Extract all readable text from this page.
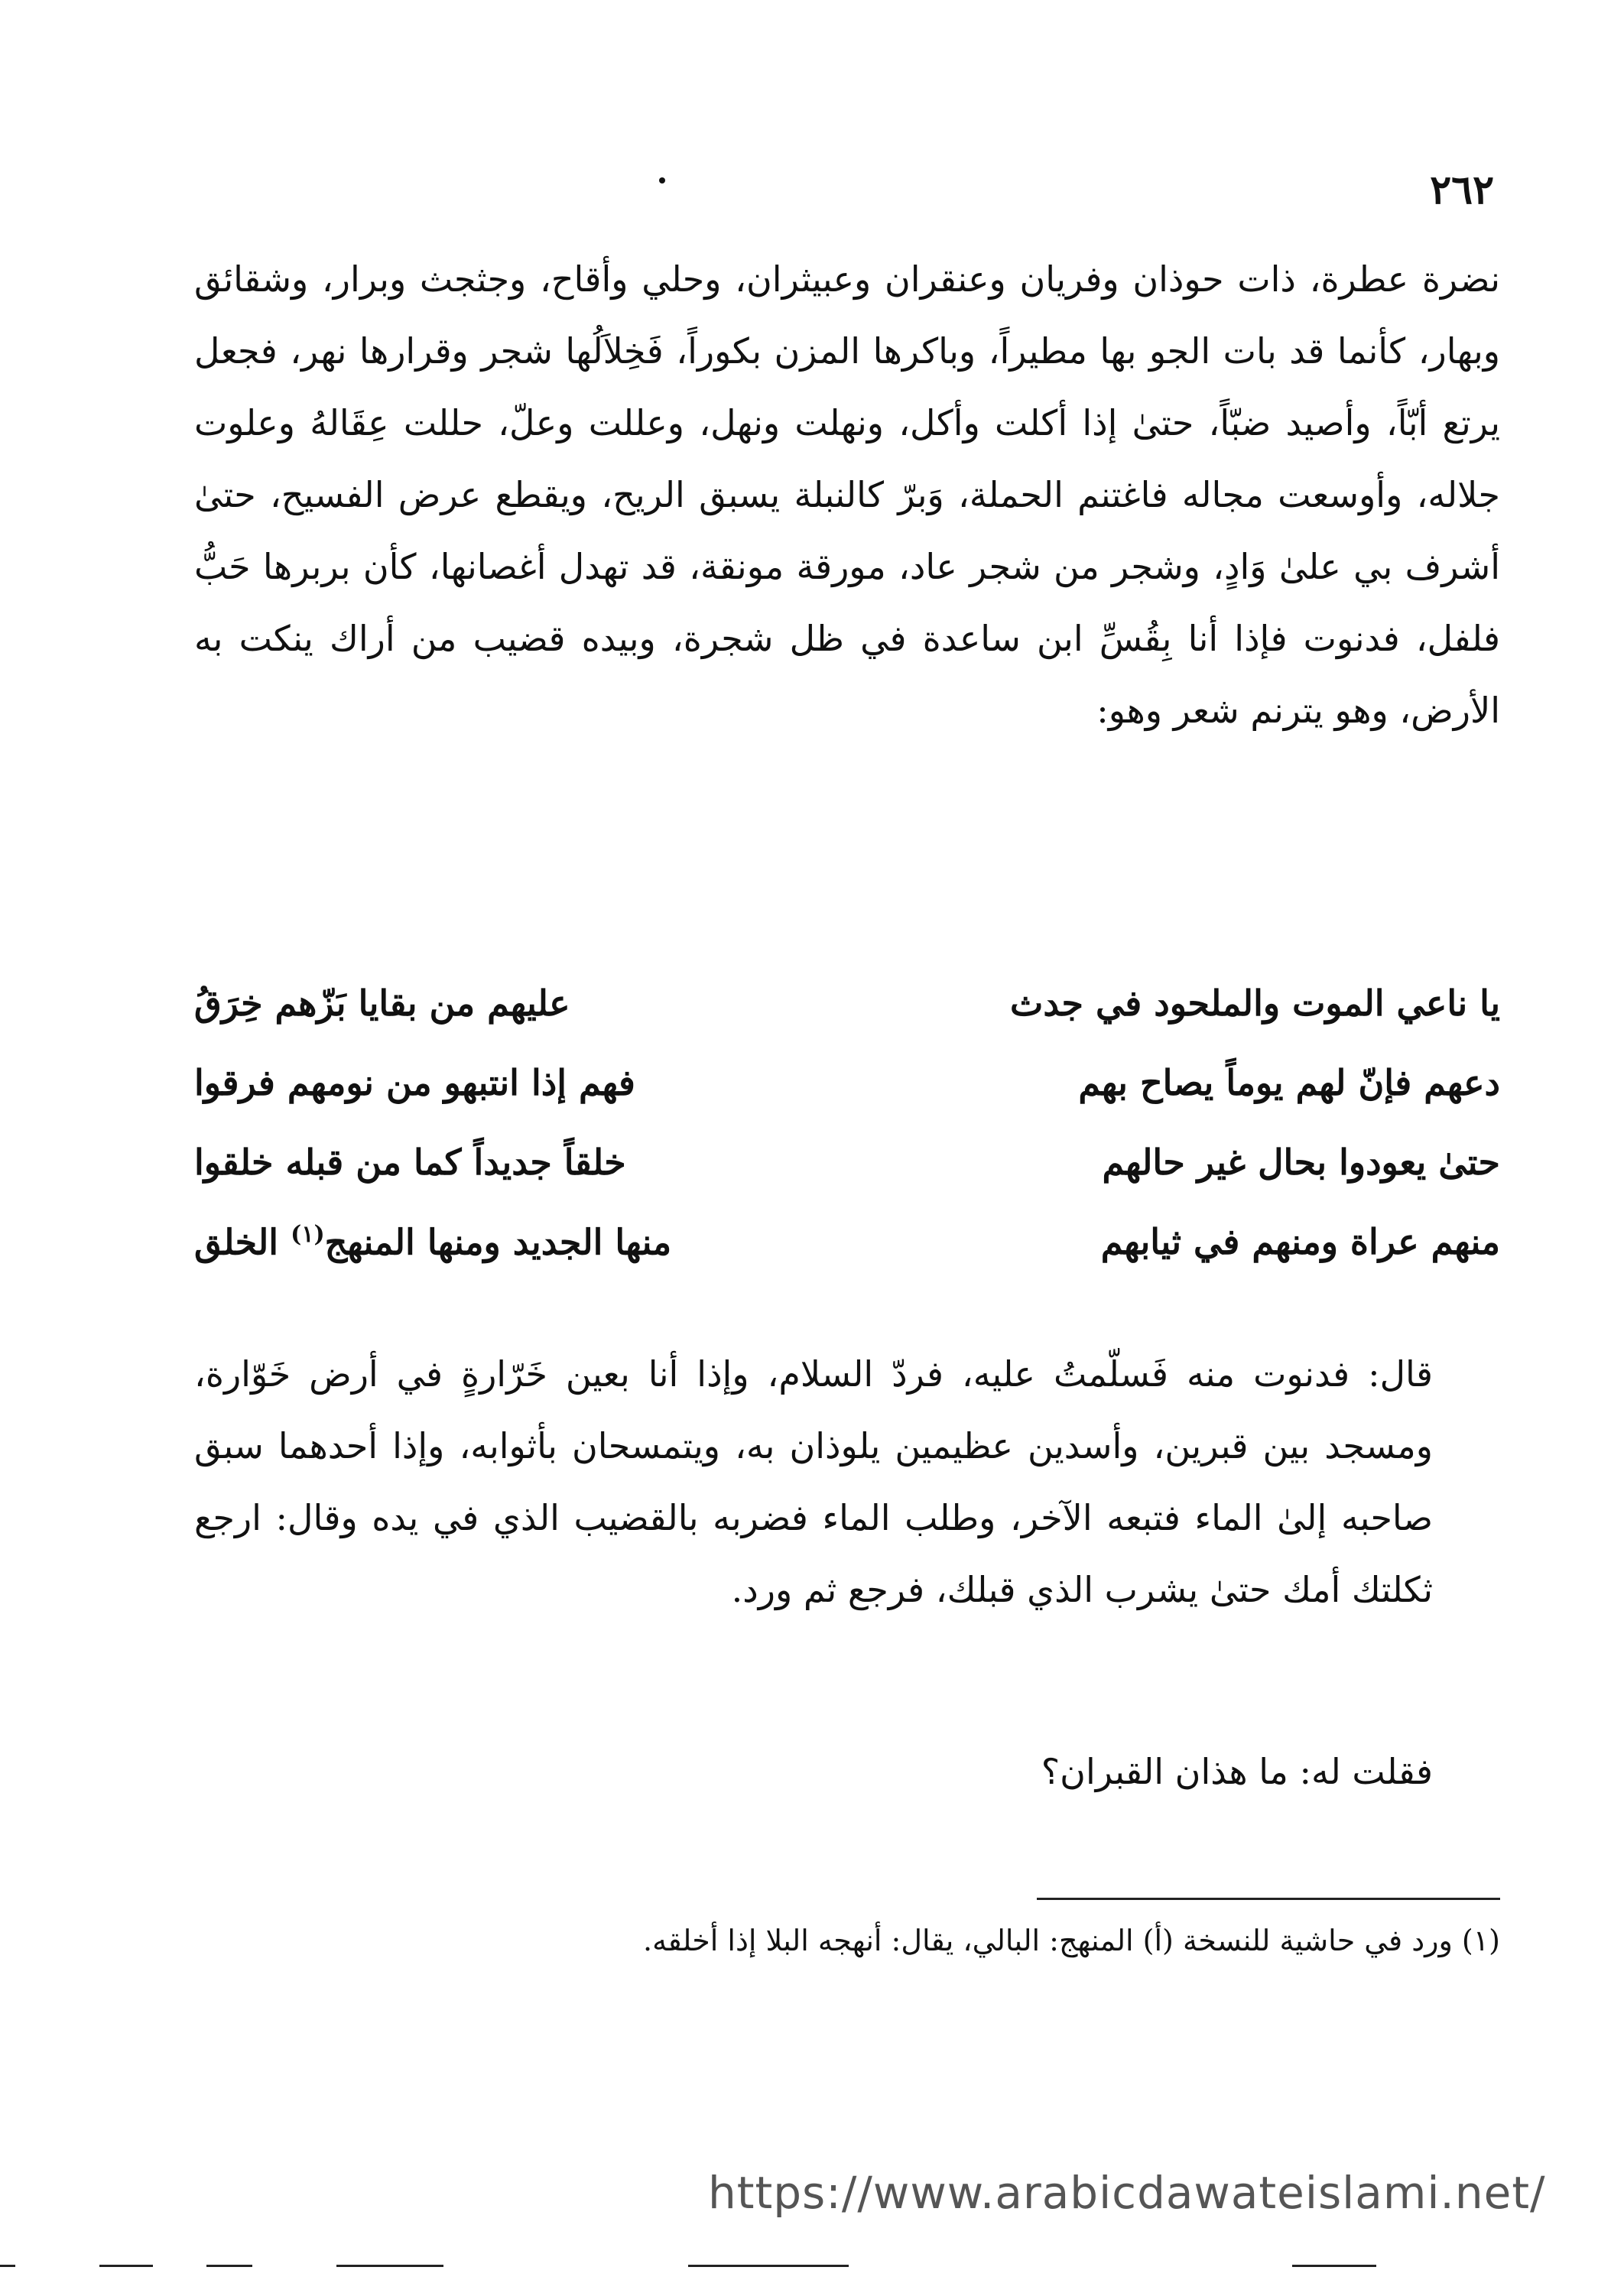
٢٦٢

نضرة عطرة، ذات حوذان وفريان وعنقران وعبيثران، وحلي وأقاح، وجثجث وبرار، وشقائق وبهار، كأنما قد بات الجو بها مطيراً، وباكرها المزن بكوراً، فَخِلاَلُها شجر وقرارها نهر، فجعل يرتع أبّاً، وأصيد ضبّاً، حتىٰ إذا أكلت وأكل، ونهلت ونهل، وعللت وعلّ، حللت عِقَالهُ وعلوت جلاله، وأوسعت مجاله فاغتنم الحملة، وَبرّ كالنبلة يسبق الريح، ويقطع عرض الفسيح، حتىٰ أشرف بي علىٰ وَادٍ، وشجر من شجر عاد، مورقة مونقة، قد تهدل أغصانها، كأن بربرها حَبُّ فلفل، فدنوت فإذا أنا بِقُسِّ ابن ساعدة في ظل شجرة، وبيده قضيب من أراك ينكت به الأرض، وهو يترنم شعر وهو:

يا ناعي الموت والملحود في جدث
عليهم من بقايا بَزّهم خِرَقُ
دعهم فإنّ لهم يوماً يصاح بهم
فهم إذا انتبهو من نومهم فرقوا
حتىٰ يعودوا بحال غير حالهم
خلقاً جديداً كما من قبله خلقوا
منهم عراة ومنهم في ثيابهم
منها الجديد ومنها المنهج$^{(١)}$ الخلق

قال: فدنوت منه فَسلّمتُ عليه، فردّ السلام، وإذا أنا بعين خَرّارةٍ في أرض خَوّارة، ومسجد بين قبرين، وأسدين عظيمين يلوذان به، ويتمسحان بأثوابه، وإذا أحدهما سبق صاحبه إلىٰ الماء فتبعه الآخر، وطلب الماء فضربه بالقضيب الذي في يده وقال: ارجع ثكلتك أمك حتىٰ يشرب الذي قبلك، فرجع ثم ورد.

فقلت له: ما هذان القبران؟
(١) ورد في حاشية للنسخة (أ) المنهج: البالي، يقال: أنهجه البلا إذا أخلقه.
https://www.arabicdawateislami.net/
